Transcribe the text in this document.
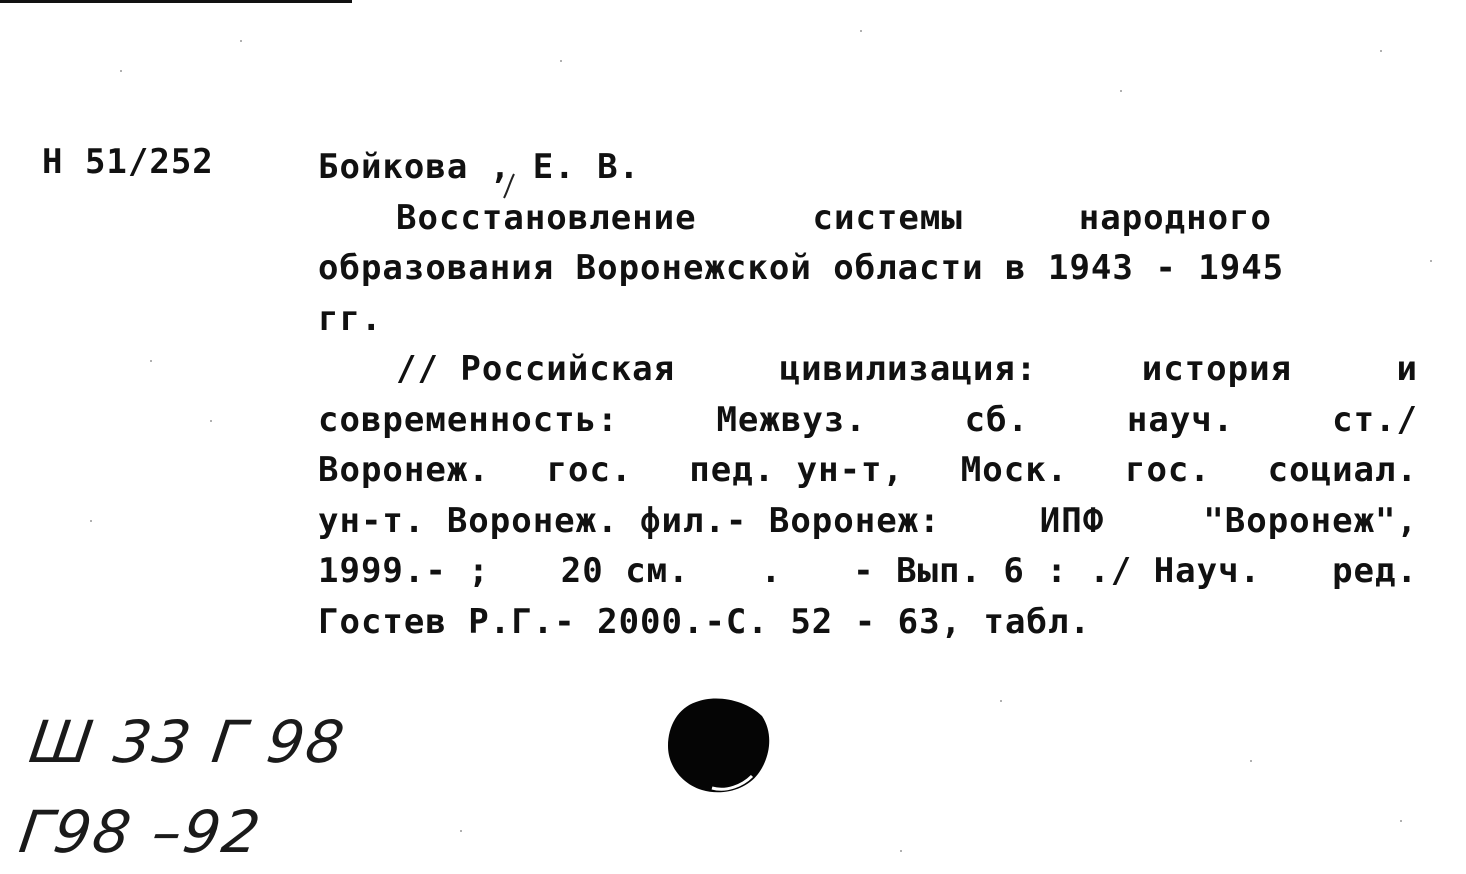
Н 51/252	Бойкова , Е. В.
Восстановление	системы	народного
образования Воронежской области в 1943 - 1945
гг.
// Российская	цивилизация:	история	и
современность:	Межвуз.	сб.	науч.	ст./
Воронеж. гос. пед. ун-т, Моск. гос. социал.
ун-т. Воронеж. фил.- Воронеж:	ИПФ	"Воронеж",
1999.- ; 20 см. . - Вып. 6 : ./ Науч. ред.
Гостев Р.Г.- 2000.-С. 52 - 63, табл.
Ш 33 Г 98
Г98 –92
